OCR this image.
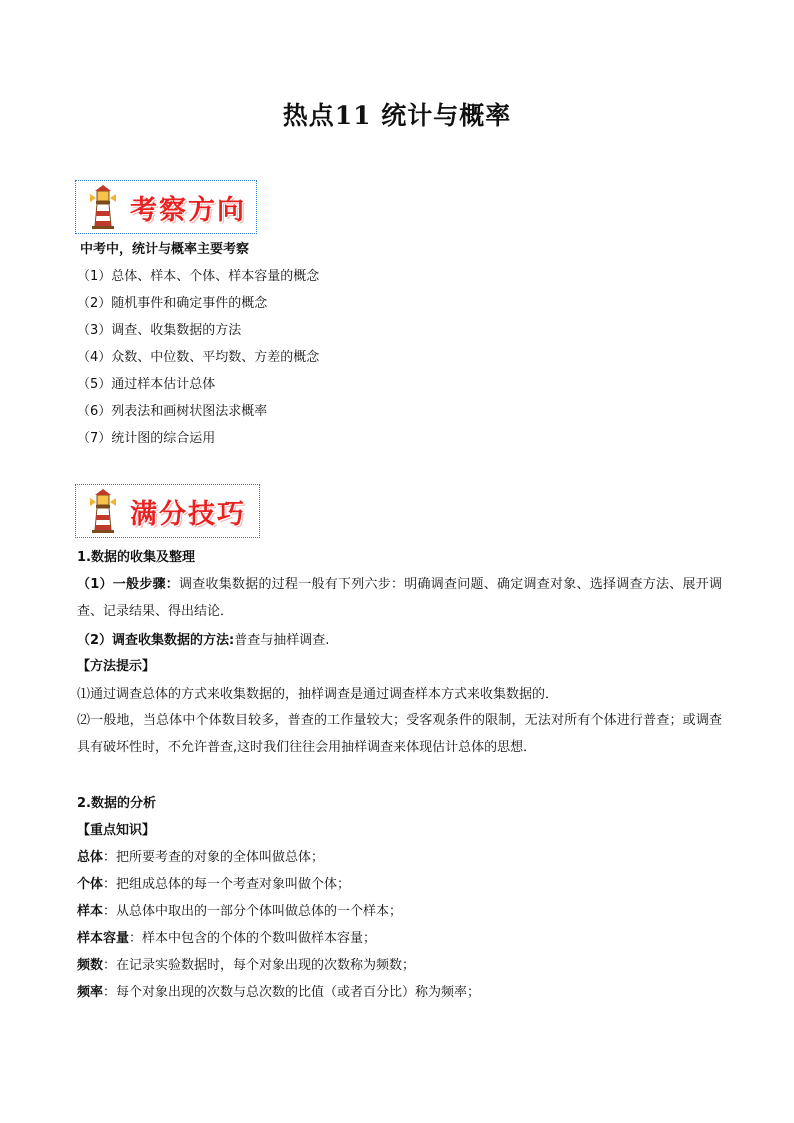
热点11 统计与概率
考察方向
中考中，统计与概率主要考察
（1）总体、样本、个体、样本容量的概念
（2）随机事件和确定事件的概念
（3）调查、收集数据的方法
（4）众数、中位数、平均数、方差的概念
（5）通过样本估计总体
（6）列表法和画树状图法求概率
（7）统计图的综合运用
满分技巧
1.数据的收集及整理
（1）一般步骤：调查收集数据的过程一般有下列六步：明确调查问题、确定调查对象、选择调查方法、展开调查、记录结果、得出结论．
（2）调查收集数据的方法:普查与抽样调查.
【方法提示】
⑴通过调查总体的方式来收集数据的，抽样调查是通过调查样本方式来收集数据的．
⑵一般地，当总体中个体数目较多，普查的工作量较大；受客观条件的限制，无法对所有个体进行普查；或调查具有破坏性时，不允许普查,这时我们往往会用抽样调查来体现估计总体的思想．
2.数据的分析
【重点知识】
总体：把所要考查的对象的全体叫做总体；
个体：把组成总体的每一个考查对象叫做个体；
样本：从总体中取出的一部分个体叫做总体的一个样本；
样本容量：样本中包含的个体的个数叫做样本容量；
频数：在记录实验数据时，每个对象出现的次数称为频数；
频率：每个对象出现的次数与总次数的比值（或者百分比）称为频率；
